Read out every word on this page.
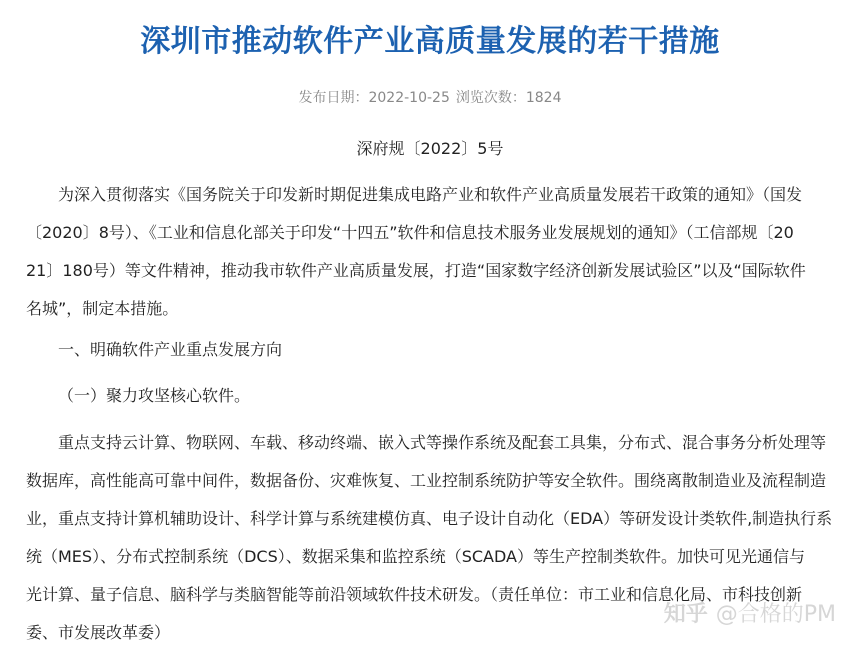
深圳市推动软件产业高质量发展的若干措施
发布日期：2022-10-25 浏览次数：1824
深府规〔2022〕5号
为深入贯彻落实《国务院关于印发新时期促进集成电路产业和软件产业高质量发展若干政策的通知》（国发
〔2020〕8号）、《工业和信息化部关于印发“十四五”软件和信息技术服务业发展规划的通知》（工信部规〔20
21〕180号）等文件精神，推动我市软件产业高质量发展，打造“国家数字经济创新发展试验区”以及“国际软件
名城”，制定本措施。
一、明确软件产业重点发展方向
（一）聚力攻坚核心软件。
重点支持云计算、物联网、车载、移动终端、嵌入式等操作系统及配套工具集，分布式、混合事务分析处理等
数据库，高性能高可靠中间件，数据备份、灾难恢复、工业控制系统防护等安全软件。围绕离散制造业及流程制造
业，重点支持计算机辅助设计、科学计算与系统建模仿真、电子设计自动化（EDA）等研发设计类软件,制造执行系
统（MES）、分布式控制系统（DCS）、数据采集和监控系统（SCADA）等生产控制类软件。加快可见光通信与
光计算、量子信息、脑科学与类脑智能等前沿领域软件技术研发。（责任单位：市工业和信息化局、市科技创新
委、市发展改革委）
知乎 @合格的PM
